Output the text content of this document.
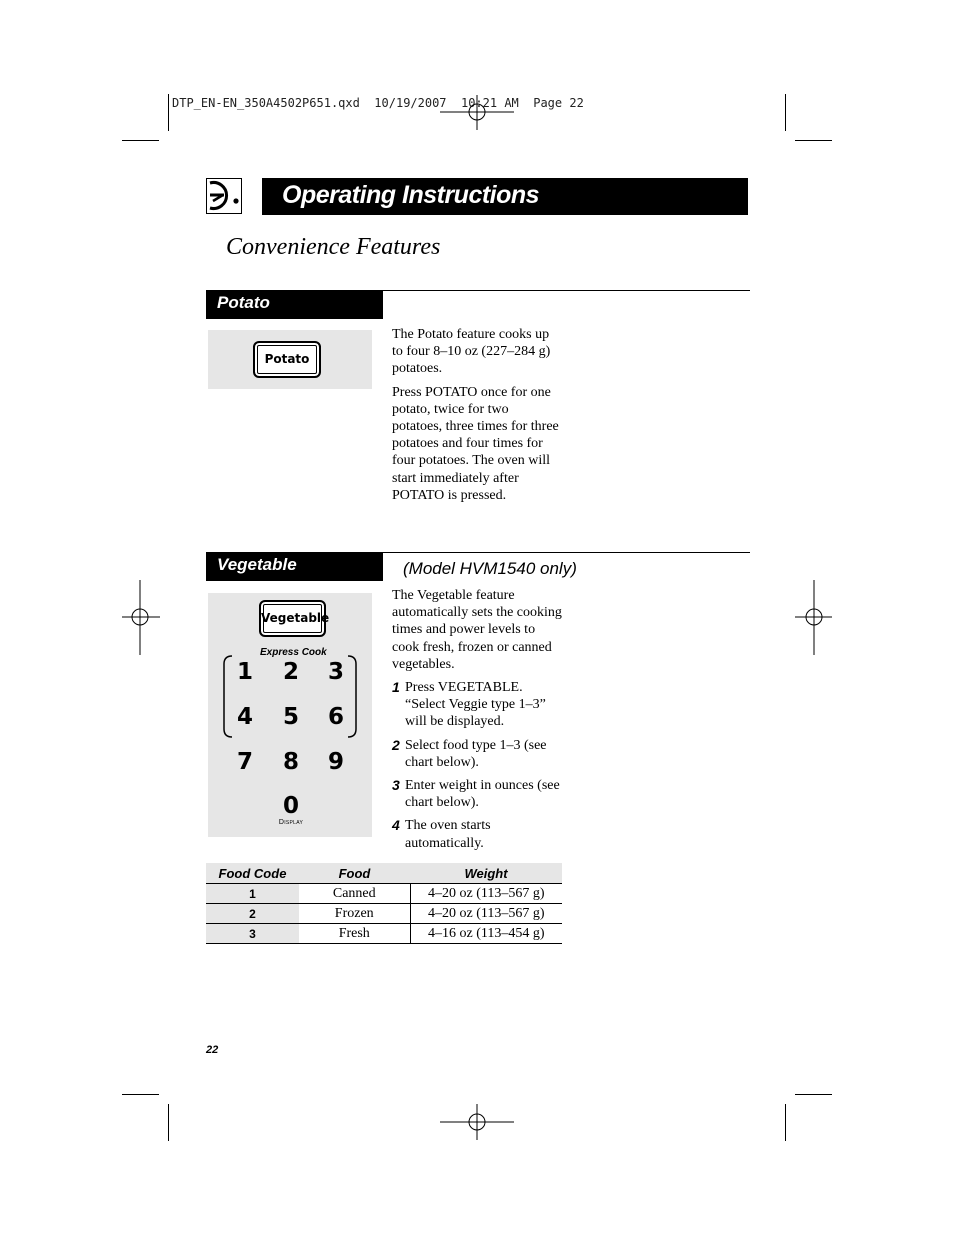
DTP_EN-EN_350A4502P651.qxd  10/19/2007  10:21 AM  Page 22
Operating Instructions
Convenience Features
Potato
Potato

The Potato feature cooks up to four 8–10 oz (227–284 g) potatoes.

Press POTATO once for one potato, twice for two potatoes, three times for three potatoes and four times for four potatoes. The oven will start immediately after POTATO is pressed.

Vegetable	(Model HVM1540 only)
Vegetable
Express Cook
1	2	3
4	5	6
7	8	9
0
Display

The Vegetable feature automatically sets the cooking times and power levels to cook fresh, frozen or canned vegetables.

1 Press VEGETABLE. “Select Veggie type 1–3” will be displayed.
2 Select food type 1–3 (see chart below).
3 Enter weight in ounces (see chart below).
4 The oven starts automatically.
Food Code	Food	Weight
1	Canned	4–20 oz (113–567 g)
2	Frozen	4–20 oz (113–567 g)
3	Fresh	4–16 oz (113–454 g)
22
